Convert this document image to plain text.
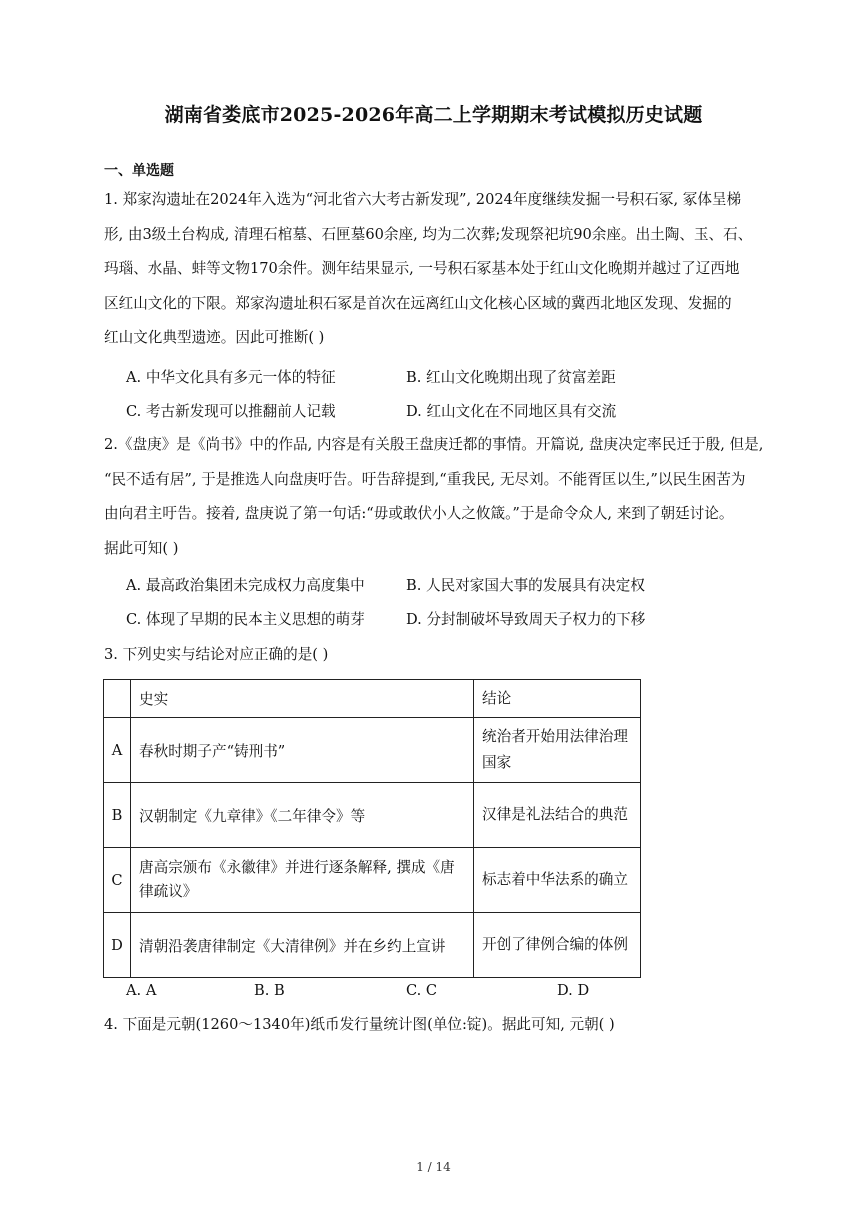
湖南省娄底市2025-2026年高二上学期期末考试模拟历史试题
一、单选题
1. 郑家沟遗址在2024年入选为“河北省六大考古新发现”, 2024年度继续发掘一号积石冢, 冢体呈梯
形, 由3级土台构成, 清理石棺墓、石匣墓60余座, 均为二次葬;发现祭祀坑90余座。出土陶、玉、石、
玛瑙、水晶、蚌等文物170余件。测年结果显示, 一号积石冢基本处于红山文化晚期并越过了辽西地
区红山文化的下限。郑家沟遗址积石冢是首次在远离红山文化核心区域的冀西北地区发现、发掘的
红山文化典型遗迹。因此可推断( )
A. 中华文化具有多元一体的特征	B. 红山文化晚期出现了贫富差距
C. 考古新发现可以推翻前人记载	D. 红山文化在不同地区具有交流
2.《盘庚》是《尚书》中的作品, 内容是有关殷王盘庚迁都的事情。开篇说, 盘庚决定率民迁于殷, 但是,
“民不适有居”, 于是推选人向盘庚吁告。吁告辞提到,“重我民, 无尽刘。不能胥匡以生,”以民生困苦为
由向君主吁告。接着, 盘庚说了第一句话:“毋或敢伏小人之攸箴。”于是命令众人, 来到了朝廷讨论。
据此可知( )
A. 最高政治集团未完成权力高度集中	B. 人民对家国大事的发展具有决定权
C. 体现了早期的民本主义思想的萌芽	D. 分封制破坏导致周天子权力的下移
3. 下列史实与结论对应正确的是( )
	史实	结论
A	春秋时期子产“铸刑书”	统治者开始用法律治理国家
B	汉朝制定《九章律》《二年律令》等	汉律是礼法结合的典范
C	唐高宗颁布《永徽律》并进行逐条解释, 撰成《唐律疏议》	标志着中华法系的确立
D	清朝沿袭唐律制定《大清律例》并在乡约上宣讲	开创了律例合编的体例
A. A	B. B	C. C	D. D
4. 下面是元朝(1260～1340年)纸币发行量统计图(单位:锭)。据此可知, 元朝( )
1 / 14
